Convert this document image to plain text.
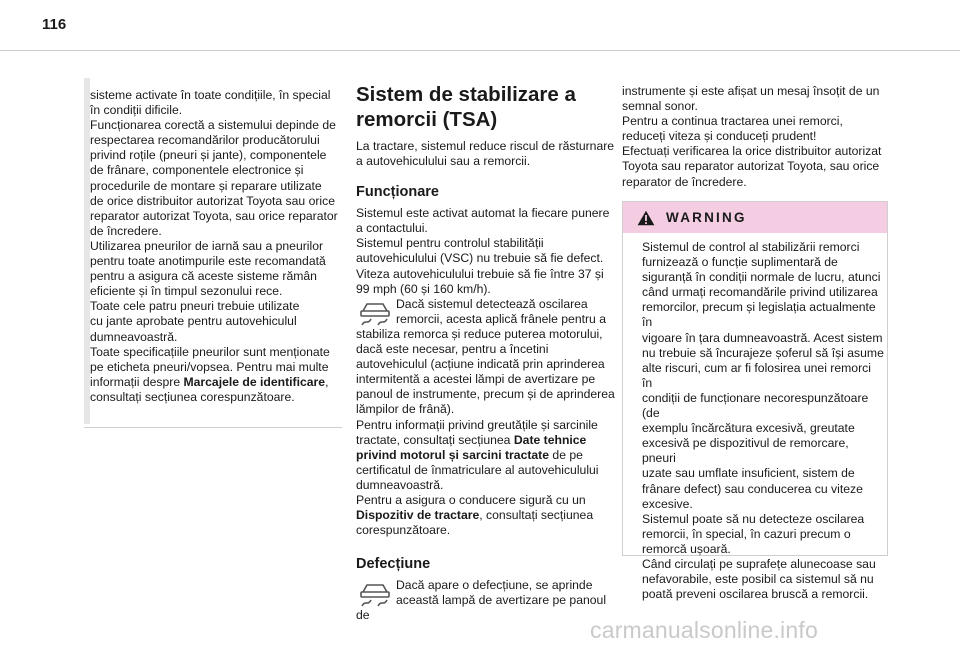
116

sisteme activate în toate condițiile, în special

în condiții dificile.

Funcționarea corectă a sistemului depinde de

respectarea recomandărilor producătorului

privind roțile (pneuri și jante), componentele

de frânare, componentele electronice și

procedurile de montare și reparare utilizate

de orice distribuitor autorizat Toyota sau orice

reparator autorizat Toyota, sau orice reparator

de încredere.

Utilizarea pneurilor de iarnă sau a pneurilor

pentru toate anotimpurile este recomandată

pentru a asigura că aceste sisteme rămân

eficiente și în timpul sezonului rece.

Toate cele patru pneuri trebuie utilizate

cu jante aprobate pentru autovehiculul

dumneavoastră.

Toate specificațiile pneurilor sunt menționate

pe eticheta pneuri/vopsea. Pentru mai multe

informații despre Marcajele de identificare,

consultați secțiunea corespunzătoare.

Sistem de stabilizare a
remorcii (TSA)

La tractare, sistemul reduce riscul de răsturnare

a autovehiculului sau a remorcii.

Funcționare

Sistemul este activat automat la fiecare punere

a contactului.

Sistemul pentru controlul stabilității

autovehiculului (VSC) nu trebuie să fie defect.

Viteza autovehiculului trebuie să fie între 37 și

99 mph (60 și 160 km/h).

Dacă sistemul detectează oscilarea

remorcii, acesta aplică frânele pentru a

stabiliza remorca și reduce puterea motorului,

dacă este necesar, pentru a încetini

autovehiculul (acțiune indicată prin aprinderea

intermitentă a acestei lămpi de avertizare pe

panoul de instrumente, precum și de aprinderea

lămpilor de frână).

Pentru informații privind greutățile și sarcinile

tractate, consultați secțiunea Date tehnice

privind motorul și sarcini tractate de pe

certificatul de înmatriculare al autovehiculului

dumneavoastră.

Pentru a asigura o conducere sigură cu un

Dispozitiv de tractare, consultați secțiunea

corespunzătoare.

Defecțiune

Dacă apare o defecțiune, se aprinde

această lampă de avertizare pe panoul de

instrumente și este afișat un mesaj însoțit de un

semnal sonor.

Pentru a continua tractarea unei remorci,

reduceți viteza și conduceți prudent!

Efectuați verificarea la orice distribuitor autorizat

Toyota sau reparator autorizat Toyota, sau orice

reparator de încredere.

WARNING

Sistemul de control al stabilizării remorci

furnizează o funcție suplimentară de

siguranță în condiții normale de lucru, atunci

când urmați recomandările privind utilizarea

remorcilor, precum și legislația actualmente în

vigoare în țara dumneavoastră. Acest sistem

nu trebuie să încurajeze șoferul să își asume

alte riscuri, cum ar fi folosirea unei remorci în

condiții de funcționare necorespunzătoare (de

exemplu încărcătura excesivă, greutate

excesivă pe dispozitivul de remorcare, pneuri

uzate sau umflate insuficient, sistem de

frânare defect) sau conducerea cu viteze

excesive.

Sistemul poate să nu detecteze oscilarea

remorcii, în special, în cazuri precum o

remorcă ușoară.

Când circulați pe suprafețe alunecoase sau

nefavorabile, este posibil ca sistemul să nu

poată preveni oscilarea bruscă a remorcii.

carmanualsonline.info
